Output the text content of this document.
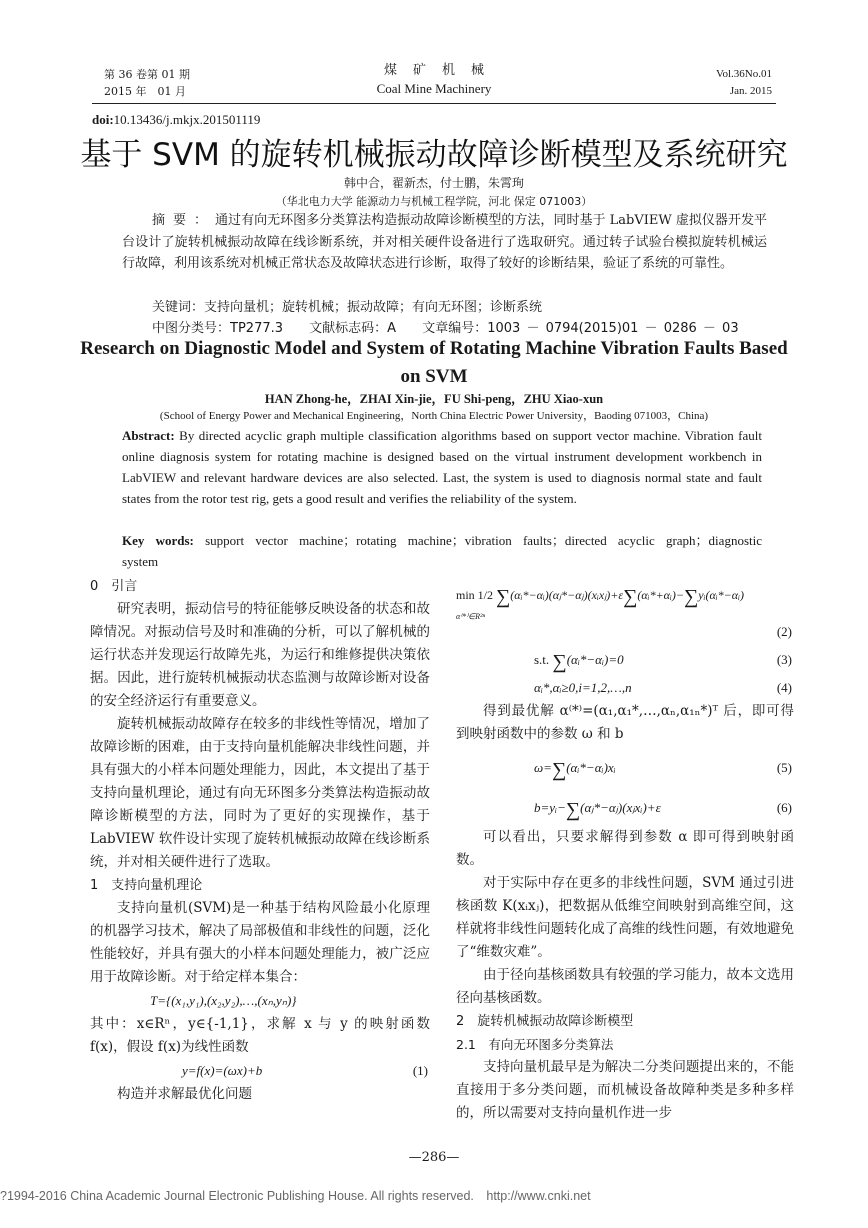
第 36 卷第 01 期
2015 年　01 月
煤矿机械
Coal Mine Machinery
Vol.36No.01
Jan. 2015
doi:10.13436/j.mkjx.201501119
基于 SVM 的旋转机械振动故障诊断模型及系统研究
韩中合，翟新杰，付士鹏，朱霄珣
（华北电力大学 能源动力与机械工程学院，河北 保定 071003）
摘要：通过有向无环图多分类算法构造振动故障诊断模型的方法，同时基于 LabVIEW 虚拟仪器开发平台设计了旋转机械振动故障在线诊断系统，并对相关硬件设备进行了选取研究。通过转子试验台模拟旋转机械运行故障，利用该系统对机械正常状态及故障状态进行诊断，取得了较好的诊断结果，验证了系统的可靠性。
关键词：支持向量机；旋转机械；振动故障；有向无环图；诊断系统
中图分类号：TP277.3 文献标志码：A 文章编号：1003 － 0794(2015)01 － 0286 － 03
Research on Diagnostic Model and System of Rotating Machine Vibration Faults Based on SVM
HAN Zhong-he，ZHAI Xin-jie，FU Shi-peng，ZHU Xiao-xun
(School of Energy Power and Mechanical Engineering，North China Electric Power University，Baoding 071003，China)
Abstract: By directed acyclic graph multiple classification algorithms based on support vector machine. Vibration fault online diagnosis system for rotating machine is designed based on the virtual instrument development workbench in LabVIEW and relevant hardware devices are also selected. Last, the system is used to diagnosis normal state and fault states from the rotor test rig, gets a good result and verifies the reliability of the system.
Key words: support vector machine；rotating machine；vibration faults；directed acyclic graph；diagnostic system
0　引言

研究表明，振动信号的特征能够反映设备的状态和故障情况。对振动信号及时和准确的分析，可以了解机械的运行状态并发现运行故障先兆，为运行和维修提供决策依据。因此，进行旋转机械振动状态监测与故障诊断对设备的安全经济运行有重要意义。

旋转机械振动故障存在较多的非线性等情况，增加了故障诊断的困难，由于支持向量机能解决非线性问题，并具有强大的小样本问题处理能力，因此，本文提出了基于支持向量机理论，通过有向无环图多分类算法构造振动故障诊断模型的方法，同时为了更好的实现操作，基于 LabVIEW 软件设计实现了旋转机械振动故障在线诊断系统，并对相关硬件进行了选取。

1　支持向量机理论

支持向量机(SVM)是一种基于结构风险最小化原理的机器学习技术，解决了局部极值和非线性的问题，泛化性能较好，并具有强大的小样本问题处理能力，被广泛应用于故障诊断。对于给定样本集合：

T={(x₁,y₁),(x₂,y₂),…,(xₙ,yₙ)}

其中：x∈Rⁿ，y∈{-1,1}，求解 x 与 y 的映射函数 f(x)，假设 f(x)为线性函数

y=f(x)=(ωx)+b	(1)

构造并求解最优化问题

min 1/2 ∑(αᵢ*−αᵢ)(αⱼ*−αⱼ)(xᵢxⱼ)+ε∑(αᵢ*+αᵢ)−∑yᵢ(αᵢ*−αᵢ)
α⁽*⁾∈R²ⁿ
(2)
s.t. ∑(αᵢ*−αᵢ)=0	(3)
αᵢ*,αᵢ≥0,i=1,2,…,n	(4)

得到最优解 α⁽*⁾=(α₁,α₁*,…,αₙ,α₁ₙ*)ᵀ 后，即可得到映射函数中的参数 ω 和 b

ω=∑(αᵢ*−αᵢ)xᵢ	(5)
b=yᵢ−∑(αⱼ*−αⱼ)(xⱼxᵢ)+ε	(6)

可以看出，只要求解得到参数 α 即可得到映射函数。

对于实际中存在更多的非线性问题，SVM 通过引进核函数 K(xᵢxⱼ)，把数据从低维空间映射到高维空间，这样就将非线性问题转化成了高维的线性问题，有效地避免了“维数灾难”。

由于径向基核函数具有较强的学习能力，故本文选用径向基核函数。

2　旋转机械振动故障诊断模型
2.1　有向无环图多分类算法

支持向量机最早是为解决二分类问题提出来的，不能直接用于多分类问题，而机械设备故障种类是多种多样的，所以需要对支持向量机作进一步

—286—
?1994-2016 China Academic Journal Electronic Publishing House. All rights reserved.　http://www.cnki.net
